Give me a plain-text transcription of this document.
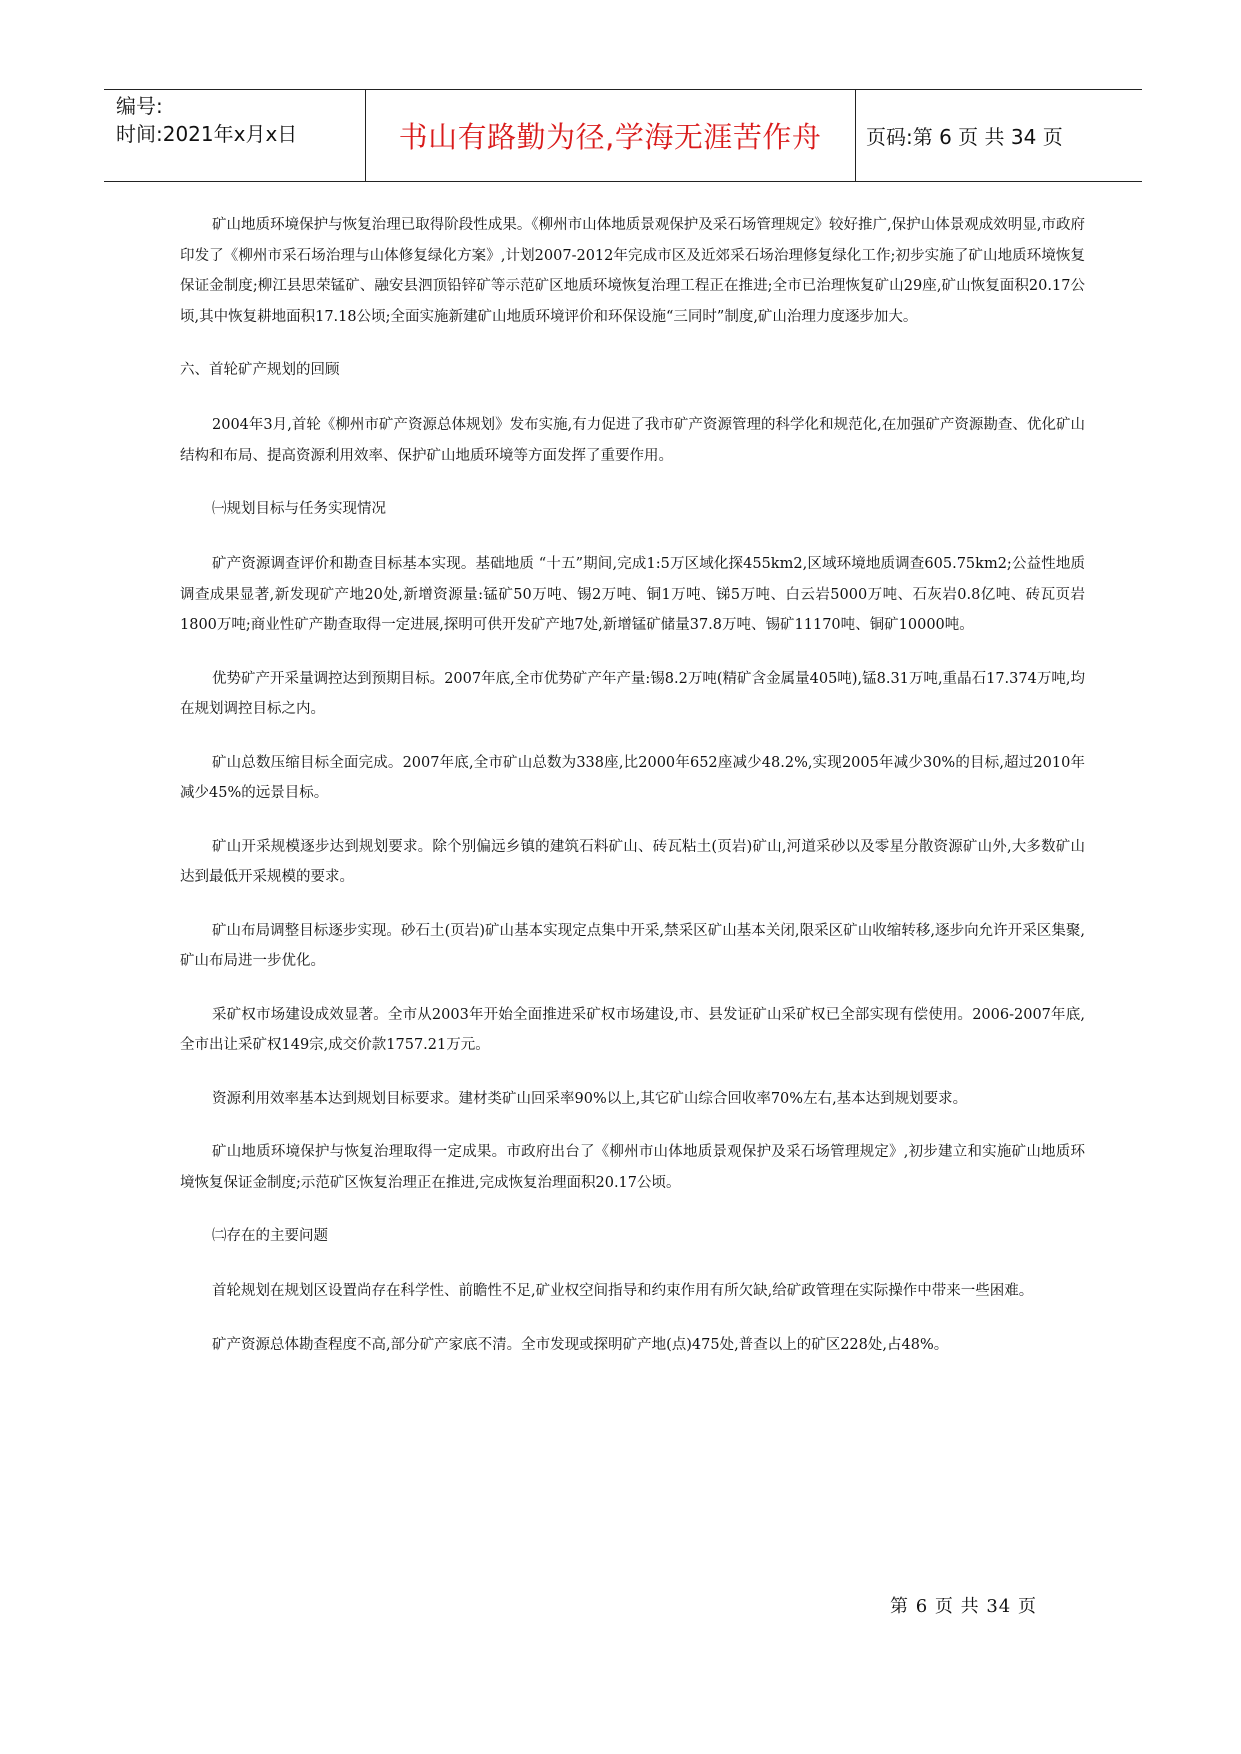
编号:
时间:2021年x月x日	书山有路勤为径,学海无涯苦作舟	页码:第 6 页 共 34 页

矿山地质环境保护与恢复治理已取得阶段性成果。《柳州市山体地质景观保护及采石场管理规定》较好推广,保护山体景观成效明显,市政府印发了《柳州市采石场治理与山体修复绿化方案》,计划2007-2012年完成市区及近郊采石场治理修复绿化工作;初步实施了矿山地质环境恢复保证金制度;柳江县思荣锰矿、融安县泗顶铅锌矿等示范矿区地质环境恢复治理工程正在推进;全市已治理恢复矿山29座,矿山恢复面积20.17公顷,其中恢复耕地面积17.18公顷;全面实施新建矿山地质环境评价和环保设施“三同时”制度,矿山治理力度逐步加大。

六、首轮矿产规划的回顾

2004年3月,首轮《柳州市矿产资源总体规划》发布实施,有力促进了我市矿产资源管理的科学化和规范化,在加强矿产资源勘查、优化矿山结构和布局、提高资源利用效率、保护矿山地质环境等方面发挥了重要作用。

㈠规划目标与任务实现情况

矿产资源调查评价和勘查目标基本实现。基础地质 “十五”期间,完成1:5万区域化探455km2,区域环境地质调查605.75km2;公益性地质调查成果显著,新发现矿产地20处,新增资源量:锰矿50万吨、锡2万吨、铜1万吨、锑5万吨、白云岩5000万吨、石灰岩0.8亿吨、砖瓦页岩1800万吨;商业性矿产勘查取得一定进展,探明可供开发矿产地7处,新增锰矿储量37.8万吨、锡矿11170吨、铜矿10000吨。

优势矿产开采量调控达到预期目标。2007年底,全市优势矿产年产量:锡8.2万吨(精矿含金属量405吨),锰8.31万吨,重晶石17.374万吨,均在规划调控目标之内。

矿山总数压缩目标全面完成。2007年底,全市矿山总数为338座,比2000年652座减少48.2%,实现2005年减少30%的目标,超过2010年减少45%的远景目标。

矿山开采规模逐步达到规划要求。除个别偏远乡镇的建筑石料矿山、砖瓦粘土(页岩)矿山,河道采砂以及零星分散资源矿山外,大多数矿山达到最低开采规模的要求。

矿山布局调整目标逐步实现。砂石土(页岩)矿山基本实现定点集中开采,禁采区矿山基本关闭,限采区矿山收缩转移,逐步向允许开采区集聚,矿山布局进一步优化。

采矿权市场建设成效显著。全市从2003年开始全面推进采矿权市场建设,市、县发证矿山采矿权已全部实现有偿使用。2006-2007年底,全市出让采矿权149宗,成交价款1757.21万元。

资源利用效率基本达到规划目标要求。建材类矿山回采率90%以上,其它矿山综合回收率70%左右,基本达到规划要求。

矿山地质环境保护与恢复治理取得一定成果。市政府出台了《柳州市山体地质景观保护及采石场管理规定》,初步建立和实施矿山地质环境恢复保证金制度;示范矿区恢复治理正在推进,完成恢复治理面积20.17公顷。

㈡存在的主要问题

首轮规划在规划区设置尚存在科学性、前瞻性不足,矿业权空间指导和约束作用有所欠缺,给矿政管理在实际操作中带来一些困难。

矿产资源总体勘查程度不高,部分矿产家底不清。全市发现或探明矿产地(点)475处,普查以上的矿区228处,占48%。

第 6 页 共 34 页
